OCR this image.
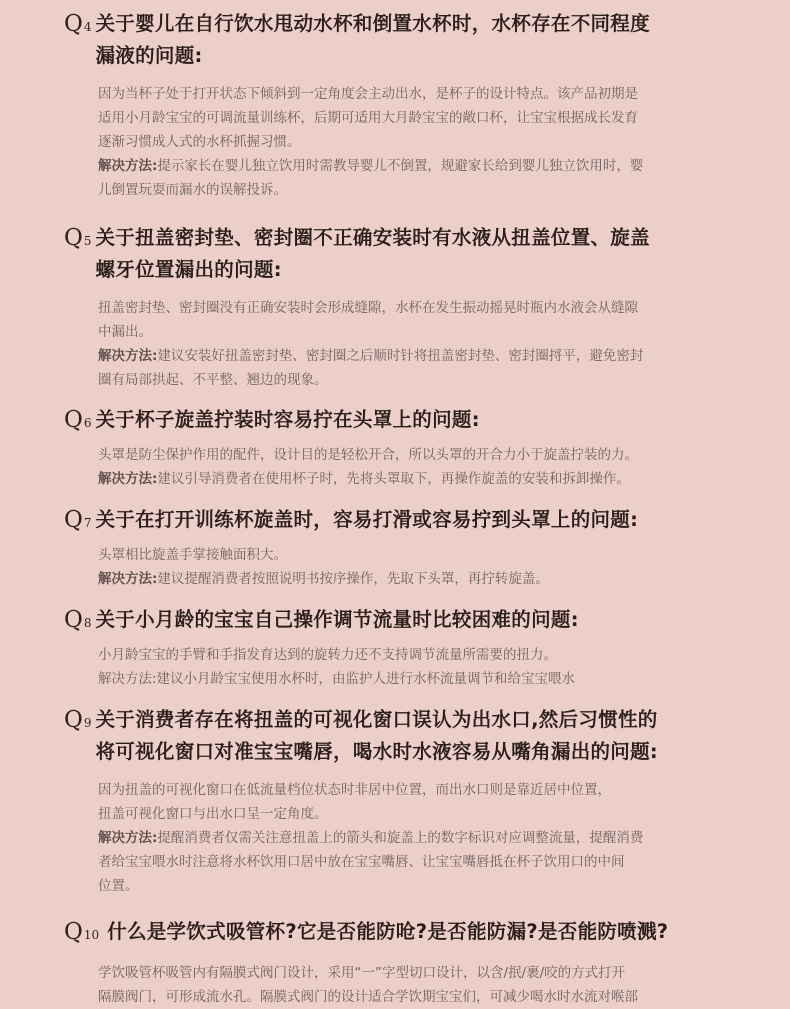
Q4 关于婴儿在自行饮水甩动水杯和倒置水杯时，水杯存在不同程度
漏液的问题:

因为当杯子处于打开状态下倾斜到一定角度会主动出水，是杯子的设计特点。该产品初期是

适用小月龄宝宝的可调流量训练杯，后期可适用大月龄宝宝的敞口杯，让宝宝根据成长发育

逐渐习惯成人式的水杯抓握习惯。

解决方法:提示家长在婴儿独立饮用时需教导婴儿不倒置，规避家长给到婴儿独立饮用时，婴

儿倒置玩耍而漏水的误解投诉。

Q5 关于扭盖密封垫、密封圈不正确安装时有水液从扭盖位置、旋盖
螺牙位置漏出的问题:

扭盖密封垫、密封圈没有正确安装时会形成缝隙，水杯在发生振动摇晃时瓶内水液会从缝隙

中漏出。

解决方法:建议安装好扭盖密封垫、密封圈之后顺时针将扭盖密封垫、密封圈捋平，避免密封

圈有局部拱起、不平整、翘边的现象。

Q6 关于杯子旋盖拧装时容易拧在头罩上的问题:

头罩是防尘保护作用的配件，设计目的是轻松开合，所以头罩的开合力小于旋盖拧装的力。

解决方法:建议引导消费者在使用杯子时，先将头罩取下，再操作旋盖的安装和拆卸操作。

Q7 关于在打开训练杯旋盖时，容易打滑或容易拧到头罩上的问题:

头罩相比旋盖手掌接触面积大。

解决方法:建议提醒消费者按照说明书按序操作，先取下头罩，再拧转旋盖。

Q8 关于小月龄的宝宝自己操作调节流量时比较困难的问题:

小月龄宝宝的手臂和手指发育达到的旋转力还不支持调节流量所需要的扭力。

解决方法:建议小月龄宝宝使用水杯时，由监护人进行水杯流量调节和给宝宝喂水

Q9 关于消费者存在将扭盖的可视化窗口误认为出水口,然后习惯性的
将可视化窗口对准宝宝嘴唇，喝水时水液容易从嘴角漏出的问题:

因为扭盖的可视化窗口在低流量档位状态时非居中位置，而出水口则是靠近居中位置，

扭盖可视化窗口与出水口呈一定角度。

解决方法:提醒消费者仅需关注意扭盖上的箭头和旋盖上的数字标识对应调整流量，提醒消费

者给宝宝喂水时注意将水杯饮用口居中放在宝宝嘴唇、让宝宝嘴唇抵在杯子饮用口的中间

位置。

Q10 什么是学饮式吸管杯?它是否能防呛?是否能防漏?是否能防喷溅?

学饮吸管杯吸管内有隔膜式阀门设计，采用“一”字型切口设计，以含/抿/裹/咬的方式打开

隔膜阀门，可形成流水孔。隔膜式阀门的设计适合学饮期宝宝们，可减少喝水时水流对喉部
